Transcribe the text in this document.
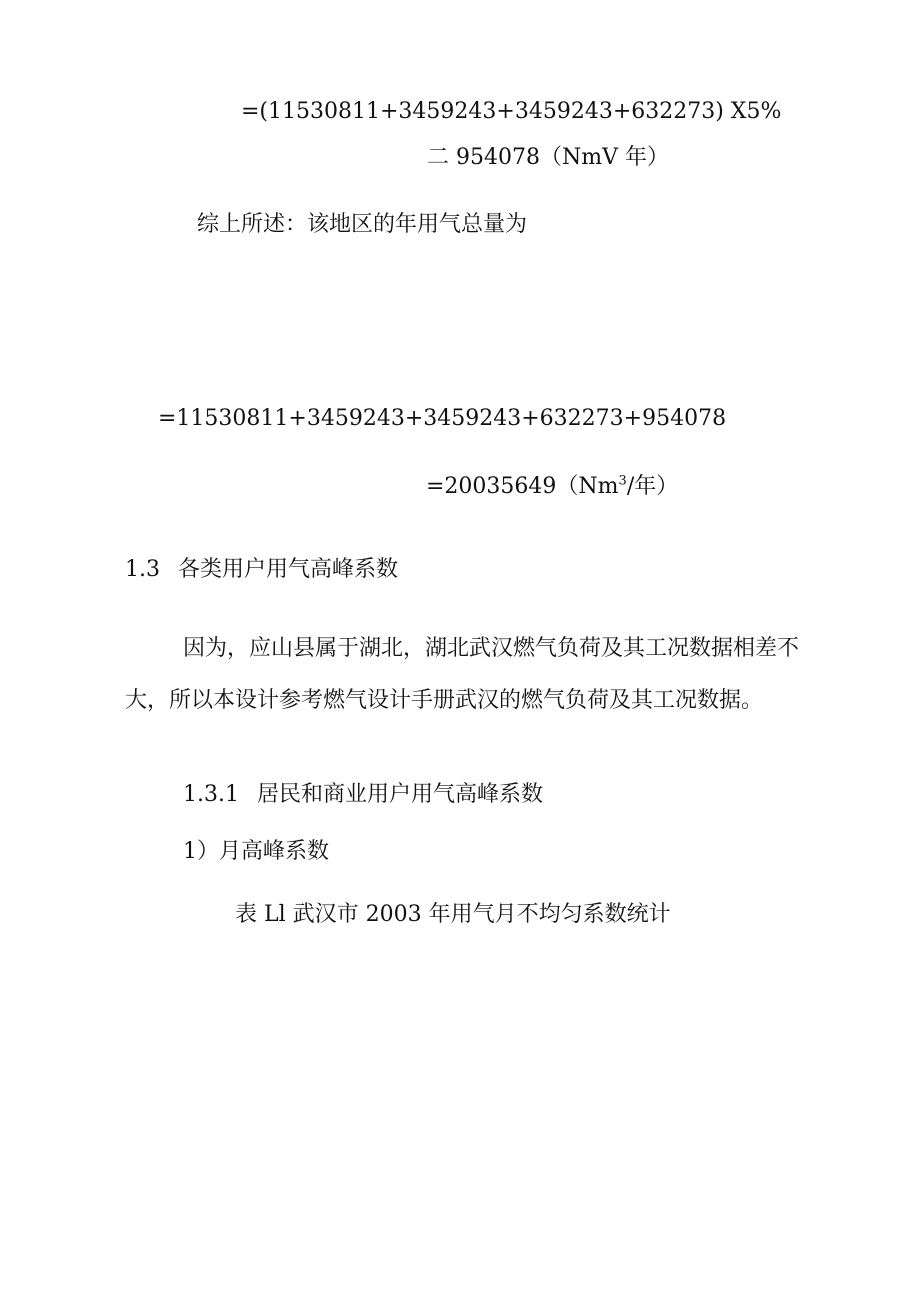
=(11530811+3459243+3459243+632273) X5%
二 954078（NmV 年）
综上所述：该地区的年用气总量为
=11530811+3459243+3459243+632273+954078
$=20035649(Nm^3/$年）
1.3 各类用户用气高峰系数
因为，应山县属于湖北，湖北武汉燃气负荷及其工况数据相差不大，所以本设计参考燃气设计手册武汉的燃气负荷及其工况数据。
1.3.1 居民和商业用户用气高峰系数
1）月高峰系数
表 Ll 武汉市 2003 年用气月不均匀系数统计
